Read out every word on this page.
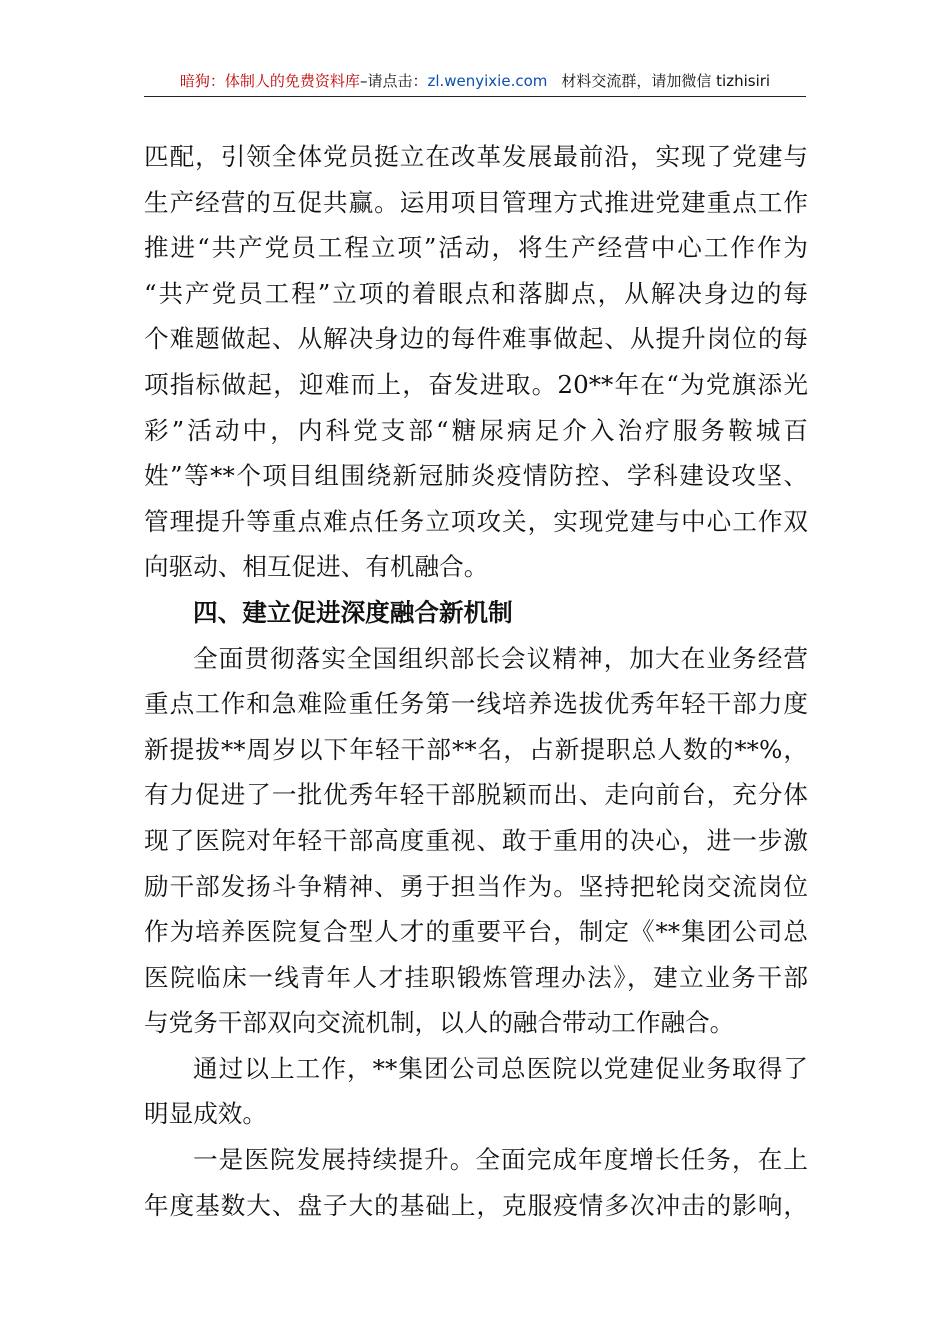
暗狗：体制人的免费资料库–请点击：zl.wenyixie.com 材料交流群，请加微信 tizhisiri
匹配，引领全体党员挺立在改革发展最前沿，实现了党建与
生产经营的互促共赢。运用项目管理方式推进党建重点工作
推进“共产党员工程立项”活动，将生产经营中心工作作为
“共产党员工程”立项的着眼点和落脚点，从解决身边的每
个难题做起、从解决身边的每件难事做起、从提升岗位的每
项指标做起，迎难而上，奋发进取。20**年在“为党旗添光
彩”活动中，内科党支部“糖尿病足介入治疗服务鞍城百
姓”等**个项目组围绕新冠肺炎疫情防控、学科建设攻坚、
管理提升等重点难点任务立项攻关，实现党建与中心工作双
向驱动、相互促进、有机融合。
四、建立促进深度融合新机制
全面贯彻落实全国组织部长会议精神，加大在业务经营
重点工作和急难险重任务第一线培养选拔优秀年轻干部力度
新提拔**周岁以下年轻干部**名，占新提职总人数的**%，
有力促进了一批优秀年轻干部脱颖而出、走向前台，充分体
现了医院对年轻干部高度重视、敢于重用的决心，进一步激
励干部发扬斗争精神、勇于担当作为。坚持把轮岗交流岗位
作为培养医院复合型人才的重要平台，制定《**集团公司总
医院临床一线青年人才挂职锻炼管理办法》，建立业务干部
与党务干部双向交流机制，以人的融合带动工作融合。
通过以上工作，**集团公司总医院以党建促业务取得了
明显成效。
一是医院发展持续提升。全面完成年度增长任务，在上
年度基数大、盘子大的基础上，克服疫情多次冲击的影响，
